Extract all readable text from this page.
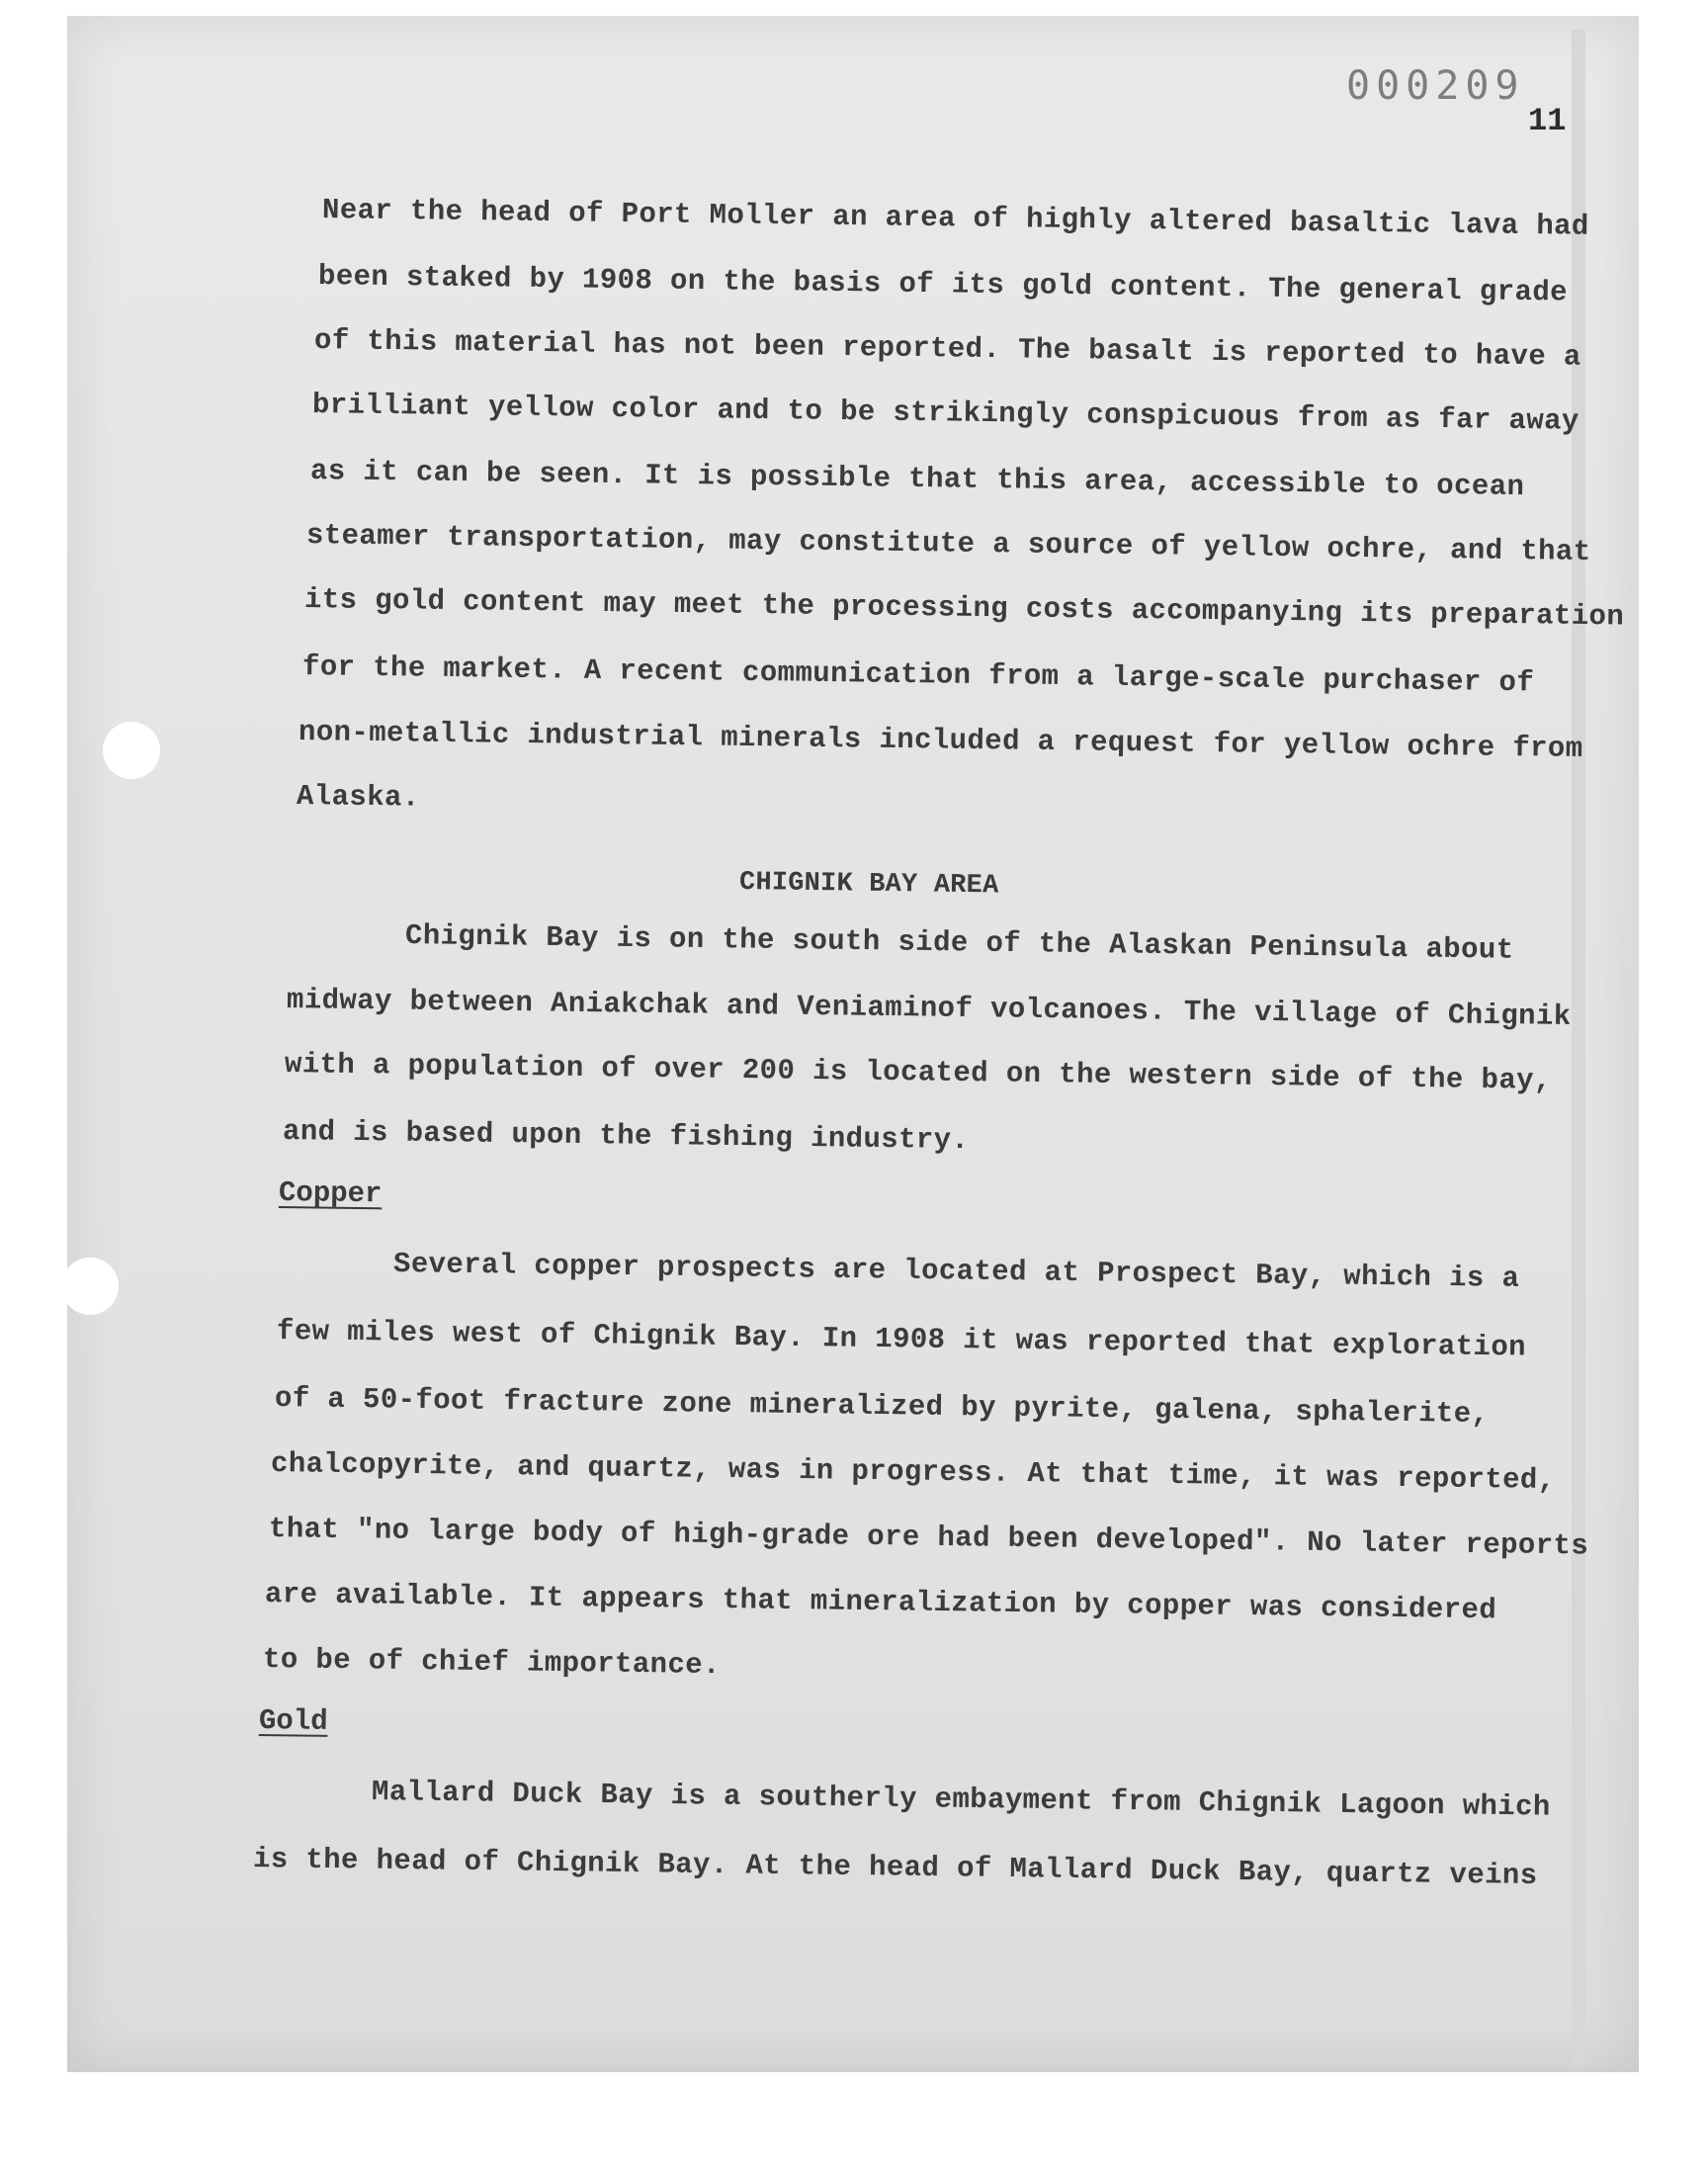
000209
11
Near the head of Port Moller an area of highly altered basaltic lava had
been staked by 1908 on the basis of its gold content. The general grade
of this material has not been reported. The basalt is reported to have a
brilliant yellow color and to be strikingly conspicuous from as far away
as it can be seen. It is possible that this area, accessible to ocean
steamer transportation, may constitute a source of yellow ochre, and that
its gold content may meet the processing costs accompanying its preparation
for the market. A recent communication from a large-scale purchaser of
non-metallic industrial minerals included a request for yellow ochre from
Alaska.
CHIGNIK BAY AREA
Chignik Bay is on the south side of the Alaskan Peninsula about
midway between Aniakchak and Veniaminof volcanoes. The village of Chignik
with a population of over 200 is located on the western side of the bay,
and is based upon the fishing industry.
Copper
Several copper prospects are located at Prospect Bay, which is a
few miles west of Chignik Bay. In 1908 it was reported that exploration
of a 50-foot fracture zone mineralized by pyrite, galena, sphalerite,
chalcopyrite, and quartz, was in progress. At that time, it was reported,
that "no large body of high-grade ore had been developed". No later reports
are available. It appears that mineralization by copper was considered
to be of chief importance.
Gold
Mallard Duck Bay is a southerly embayment from Chignik Lagoon which
is the head of Chignik Bay. At the head of Mallard Duck Bay, quartz veins
